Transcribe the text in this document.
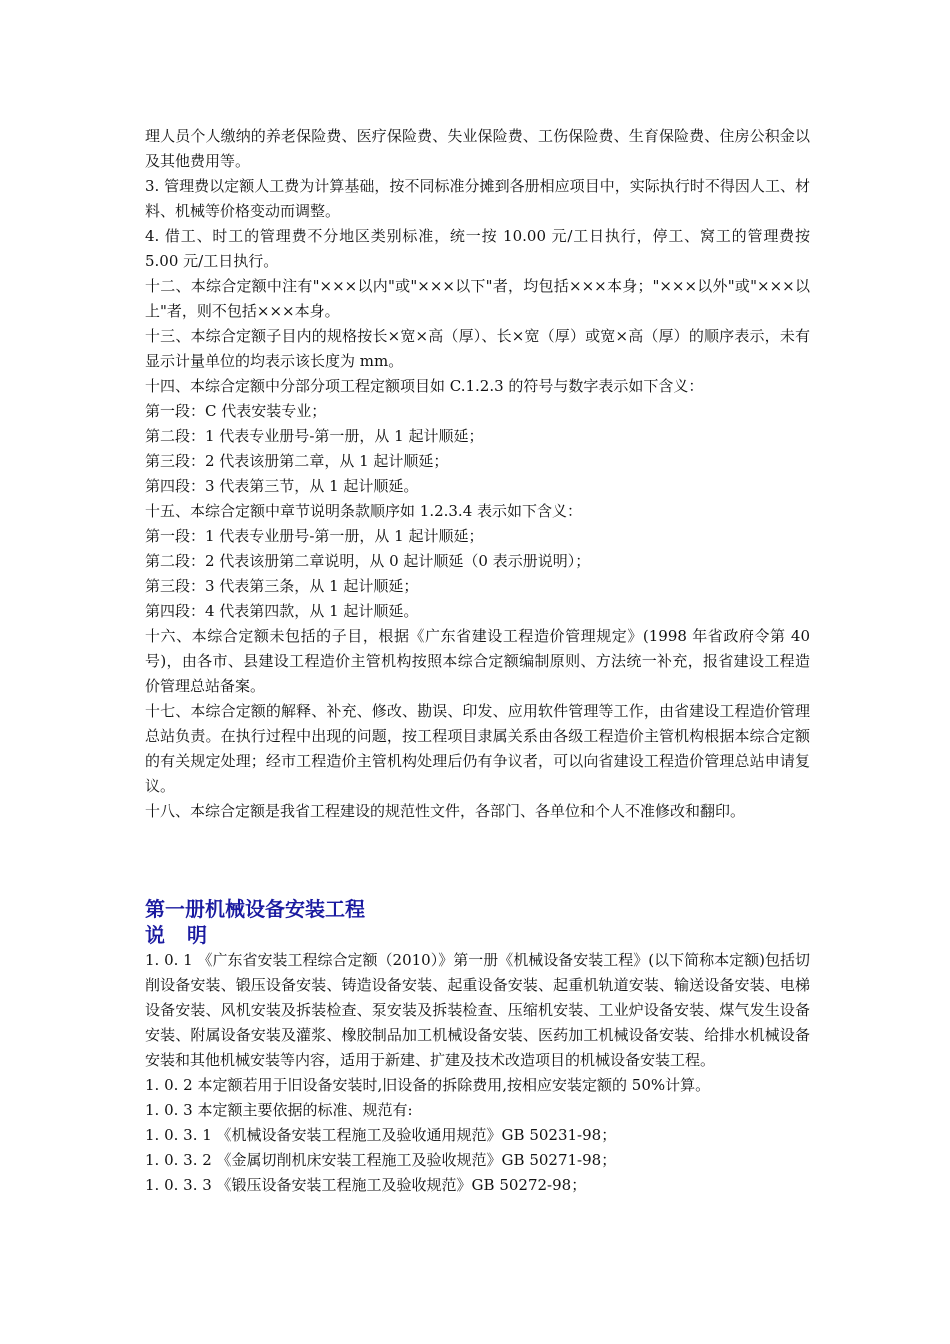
理人员个人缴纳的养老保险费、医疗保险费、失业保险费、工伤保险费、生育保险费、住房公积金以及其他费用等。

3. 管理费以定额人工费为计算基础，按不同标准分摊到各册相应项目中，实际执行时不得因人工、材料、机械等价格变动而调整。

4. 借工、时工的管理费不分地区类别标准，统一按 10.00 元/工日执行，停工、窝工的管理费按 5.00 元/工日执行。

十二、本综合定额中注有"×××以内"或"×××以下"者，均包括×××本身；"×××以外"或"×××以上"者，则不包括×××本身。

十三、本综合定额子目内的规格按长×宽×高（厚）、长×宽（厚）或宽×高（厚）的顺序表示，未有显示计量单位的均表示该长度为 mm。

十四、本综合定额中分部分项工程定额项目如 C.1.2.3 的符号与数字表示如下含义：

第一段：C 代表安装专业；

第二段：1 代表专业册号-第一册，从 1 起计顺延；

第三段：2 代表该册第二章，从 1 起计顺延；

第四段：3 代表第三节，从 1 起计顺延。

十五、本综合定额中章节说明条款顺序如 1.2.3.4 表示如下含义：

第一段：1 代表专业册号-第一册，从 1 起计顺延；

第二段：2 代表该册第二章说明，从 0 起计顺延（0 表示册说明）；

第三段：3 代表第三条，从 1 起计顺延；

第四段：4 代表第四款，从 1 起计顺延。

十六、本综合定额未包括的子目，根据《广东省建设工程造价管理规定》(1998 年省政府令第 40 号)，由各市、县建设工程造价主管机构按照本综合定额编制原则、方法统一补充，报省建设工程造价管理总站备案。

十七、本综合定额的解释、补充、修改、勘误、印发、应用软件管理等工作，由省建设工程造价管理总站负责。在执行过程中出现的问题，按工程项目隶属关系由各级工程造价主管机构根据本综合定额的有关规定处理；经市工程造价主管机构处理后仍有争议者，可以向省建设工程造价管理总站申请复议。

十八、本综合定额是我省工程建设的规范性文件，各部门、各单位和个人不准修改和翻印。

第一册机械设备安装工程
说明

1. 0. 1 《广东省安装工程综合定额（2010）》第一册《机械设备安装工程》(以下简称本定额)包括切削设备安装、锻压设备安装、铸造设备安装、起重设备安装、起重机轨道安装、输送设备安装、电梯设备安装、风机安装及拆装检查、泵安装及拆装检查、压缩机安装、工业炉设备安装、煤气发生设备安装、附属设备安装及灌浆、橡胶制品加工机械设备安装、医药加工机械设备安装、给排水机械设备安装和其他机械安装等内容，适用于新建、扩建及技术改造项目的机械设备安装工程。

1. 0. 2 本定额若用于旧设备安装时,旧设备的拆除费用,按相应安装定额的 50%计算。

1. 0. 3 本定额主要依据的标准、规范有:

1. 0. 3. 1 《机械设备安装工程施工及验收通用规范》GB 50231-98；

1. 0. 3. 2 《金属切削机床安装工程施工及验收规范》GB 50271-98；

1. 0. 3. 3 《锻压设备安装工程施工及验收规范》GB 50272-98；
